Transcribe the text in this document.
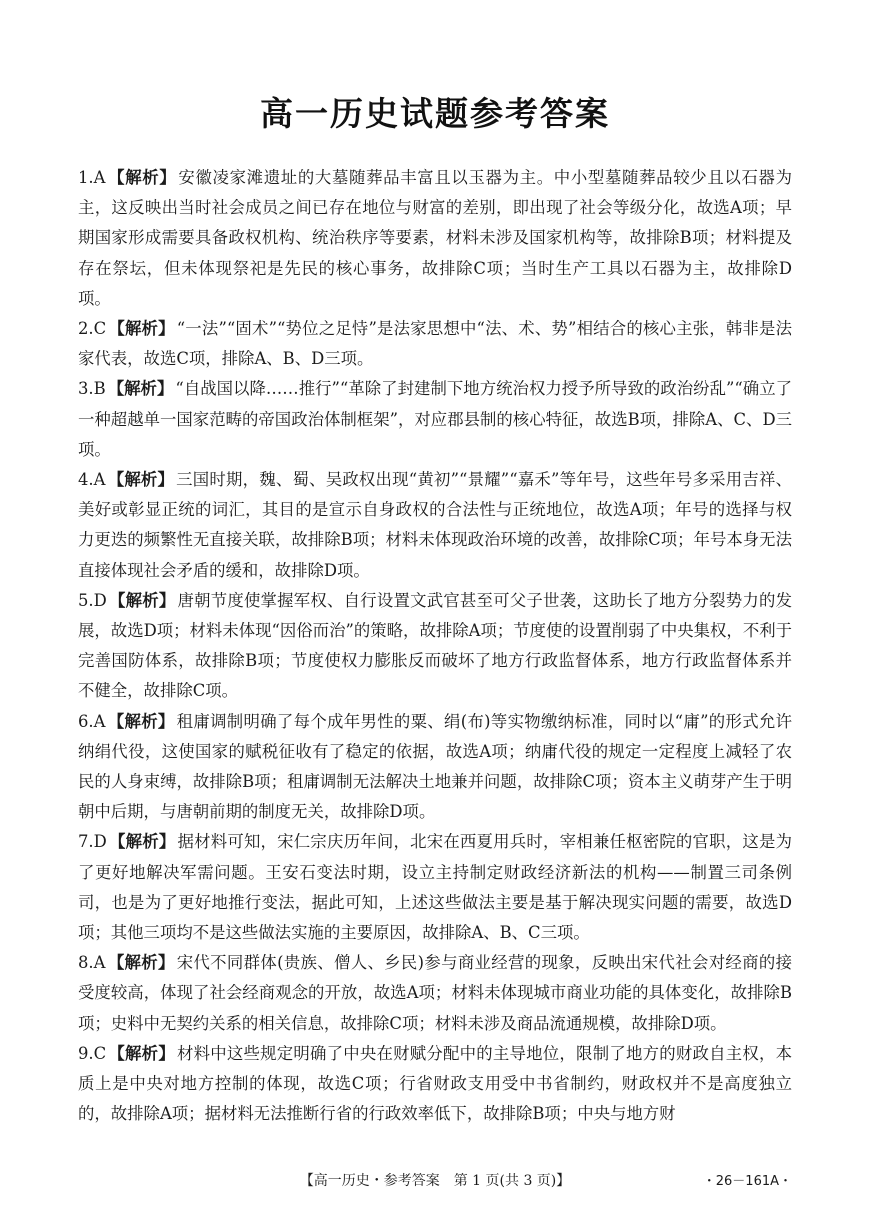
高一历史试题参考答案

1.A 【解析】 安徽凌家滩遗址的大墓随葬品丰富且以玉器为主。中小型墓随葬品较少且以石器为主，这反映出当时社会成员之间已存在地位与财富的差别，即出现了社会等级分化，故选A项；早期国家形成需要具备政权机构、统治秩序等要素，材料未涉及国家机构等，故排除B项；材料提及存在祭坛，但未体现祭祀是先民的核心事务，故排除C项；当时生产工具以石器为主，故排除D项。

2.C 【解析】 “一法”“固术”“势位之足恃”是法家思想中“法、术、势”相结合的核心主张，韩非是法家代表，故选C项，排除A、B、D三项。

3.B 【解析】 “自战国以降……推行”“革除了封建制下地方统治权力授予所导致的政治纷乱”“确立了一种超越单一国家范畴的帝国政治体制框架”，对应郡县制的核心特征，故选B项，排除A、C、D三项。

4.A 【解析】 三国时期，魏、蜀、吴政权出现“黄初”“景耀”“嘉禾”等年号，这些年号多采用吉祥、美好或彰显正统的词汇，其目的是宣示自身政权的合法性与正统地位，故选A项；年号的选择与权力更迭的频繁性无直接关联，故排除B项；材料未体现政治环境的改善，故排除C项；年号本身无法直接体现社会矛盾的缓和，故排除D项。

5.D 【解析】 唐朝节度使掌握军权、自行设置文武官甚至可父子世袭，这助长了地方分裂势力的发展，故选D项；材料未体现“因俗而治”的策略，故排除A项；节度使的设置削弱了中央集权，不利于完善国防体系，故排除B项；节度使权力膨胀反而破坏了地方行政监督体系，地方行政监督体系并不健全，故排除C项。

6.A 【解析】 租庸调制明确了每个成年男性的粟、绢(布)等实物缴纳标准，同时以“庸”的形式允许纳绢代役，这使国家的赋税征收有了稳定的依据，故选A项；纳庸代役的规定一定程度上减轻了农民的人身束缚，故排除B项；租庸调制无法解决土地兼并问题，故排除C项；资本主义萌芽产生于明朝中后期，与唐朝前期的制度无关，故排除D项。

7.D 【解析】 据材料可知，宋仁宗庆历年间，北宋在西夏用兵时，宰相兼任枢密院的官职，这是为了更好地解决军需问题。王安石变法时期，设立主持制定财政经济新法的机构——制置三司条例司，也是为了更好地推行变法，据此可知，上述这些做法主要是基于解决现实问题的需要，故选D项；其他三项均不是这些做法实施的主要原因，故排除A、B、C三项。

8.A 【解析】 宋代不同群体(贵族、僧人、乡民)参与商业经营的现象，反映出宋代社会对经商的接受度较高，体现了社会经商观念的开放，故选A项；材料未体现城市商业功能的具体变化，故排除B项；史料中无契约关系的相关信息，故排除C项；材料未涉及商品流通规模，故排除D项。

9.C 【解析】 材料中这些规定明确了中央在财赋分配中的主导地位，限制了地方的财政自主权，本质上是中央对地方控制的体现，故选C项；行省财政支用受中书省制约，财政权并不是高度独立的，故排除A项；据材料无法推断行省的行政效率低下，故排除B项；中央与地方财

【高一历史・参考答案　第 1 页(共 3 页)】	・26－161A・
